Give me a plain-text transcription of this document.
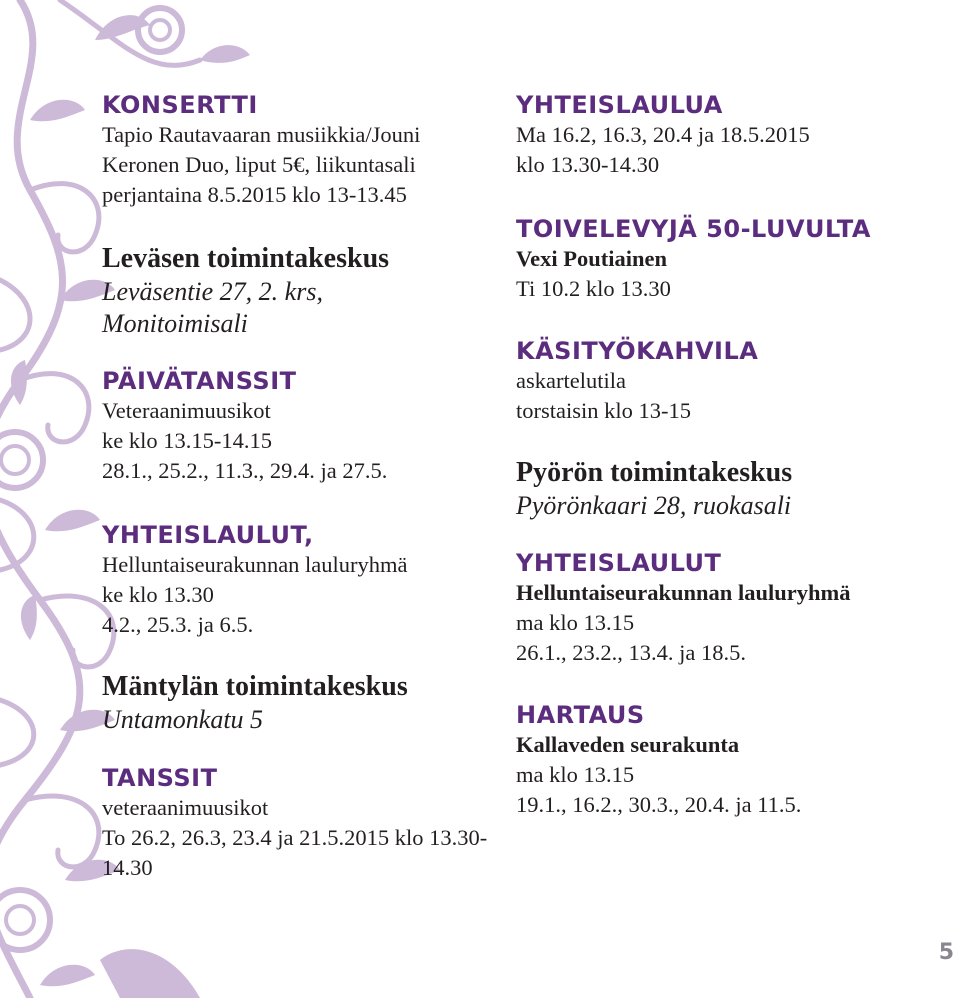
KONSERTTI
Tapio Rautavaaran musiikkia/Jouni
Keronen Duo, liput 5€, liikuntasali
perjantaina 8.5.2015 klo 13-13.45
Leväsen toimintakeskus
Leväsentie 27, 2. krs,
Monitoimisali
PÄIVÄTANSSIT
Veteraanimuusikot
ke klo 13.15-14.15
28.1., 25.2., 11.3., 29.4. ja 27.5.
YHTEISLAULUT,
Helluntaiseurakunnan lauluryhmä
ke klo 13.30
4.2., 25.3. ja 6.5.
Mäntylän toimintakeskus
Untamonkatu 5
TANSSIT
veteraanimuusikot
To 26.2, 26.3, 23.4 ja 21.5.2015 klo 13.30-14.30
YHTEISLAULUA
Ma 16.2, 16.3, 20.4 ja 18.5.2015
klo 13.30-14.30
TOIVELEVYJÄ 50-LUVULTA
Vexi Poutiainen
Ti 10.2 klo 13.30
KÄSITYÖKAHVILA
askartelutila
torstaisin klo 13-15
Pyörön toimintakeskus
Pyörönkaari 28, ruokasali
YHTEISLAULUT
Helluntaiseurakunnan lauluryhmä
ma klo 13.15
26.1., 23.2., 13.4. ja 18.5.
HARTAUS
Kallaveden seurakunta
ma klo 13.15
19.1., 16.2., 30.3., 20.4. ja 11.5.
5
